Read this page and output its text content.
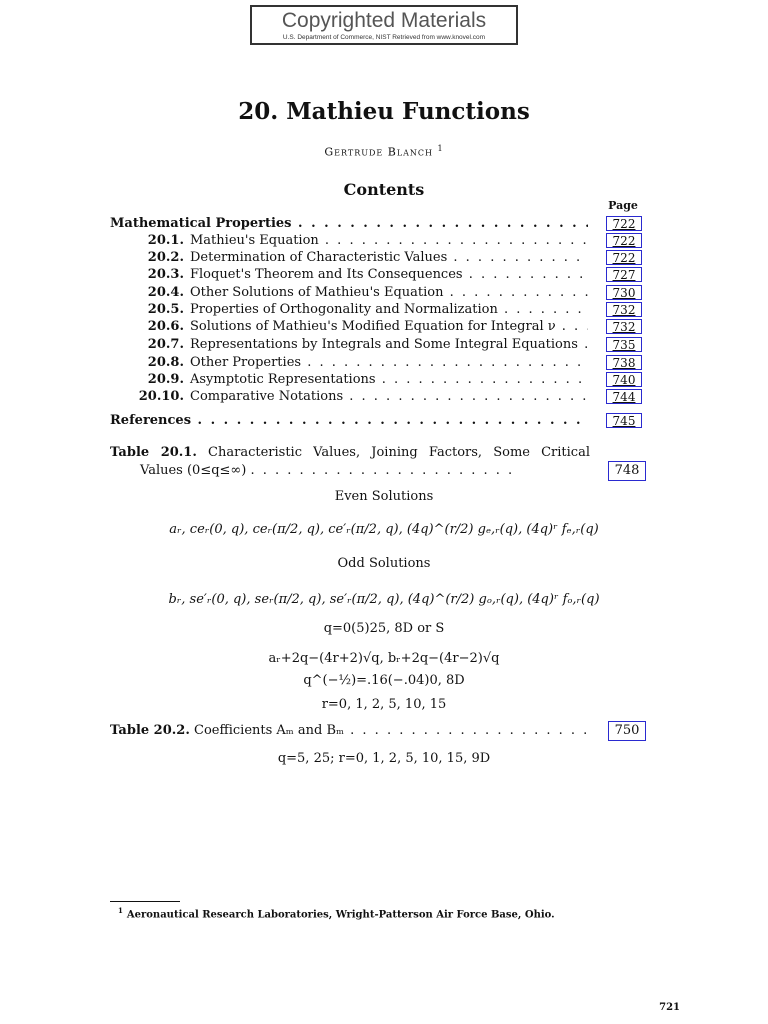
Copyrighted Materials
U.S. Department of Commerce, NIST Retrieved from www.knovel.com
20. Mathieu Functions
Gertrude Blanch $^1$
Contents
Page
Mathematical Properties . . .	722
20.1. Mathieu's Equation . . .	722
20.2. Determination of Characteristic Values . . .	722
20.3. Floquet's Theorem and Its Consequences . . .	727
20.4. Other Solutions of Mathieu's Equation . . .	730
20.5. Properties of Orthogonality and Normalization . . .	732
20.6. Solutions of Mathieu's Modified Equation for Integral ν . . .	732
20.7. Representations by Integrals and Some Integral Equations . . .	735
20.8. Other Properties . . .	738
20.9. Asymptotic Representations . . .	740
20.10. Comparative Notations . . .	744
References . . .	745
Table 20.1. Characteristic Values, Joining Factors, Some Critical
Values (0≤q≤∞) . . . . . . . . . . . . . . . . . . . . . .	748
Even Solutions
aᵣ, ceᵣ(0, q), ceᵣ(π/2, q), ce′ᵣ(π/2, q), (4q)^(r/2) gₑ,ᵣ(q), (4q)ʳ fₑ,ᵣ(q)
Odd Solutions
bᵣ, se′ᵣ(0, q), seᵣ(π/2, q), se′ᵣ(π/2, q), (4q)^(r/2) gₒ,ᵣ(q), (4q)ʳ fₒ,ᵣ(q)
q=0(5)25, 8D or S
aᵣ+2q−(4r+2)√q, bᵣ+2q−(4r−2)√q
q^(−½)=.16(−.04)0, 8D
r=0, 1, 2, 5, 10, 15
Table 20.2. Coefficients Aₘ and Bₘ . . .	750
q=5, 25; r=0, 1, 2, 5, 10, 15, 9D
$^1$ Aeronautical Research Laboratories, Wright-Patterson Air Force Base, Ohio.
721
